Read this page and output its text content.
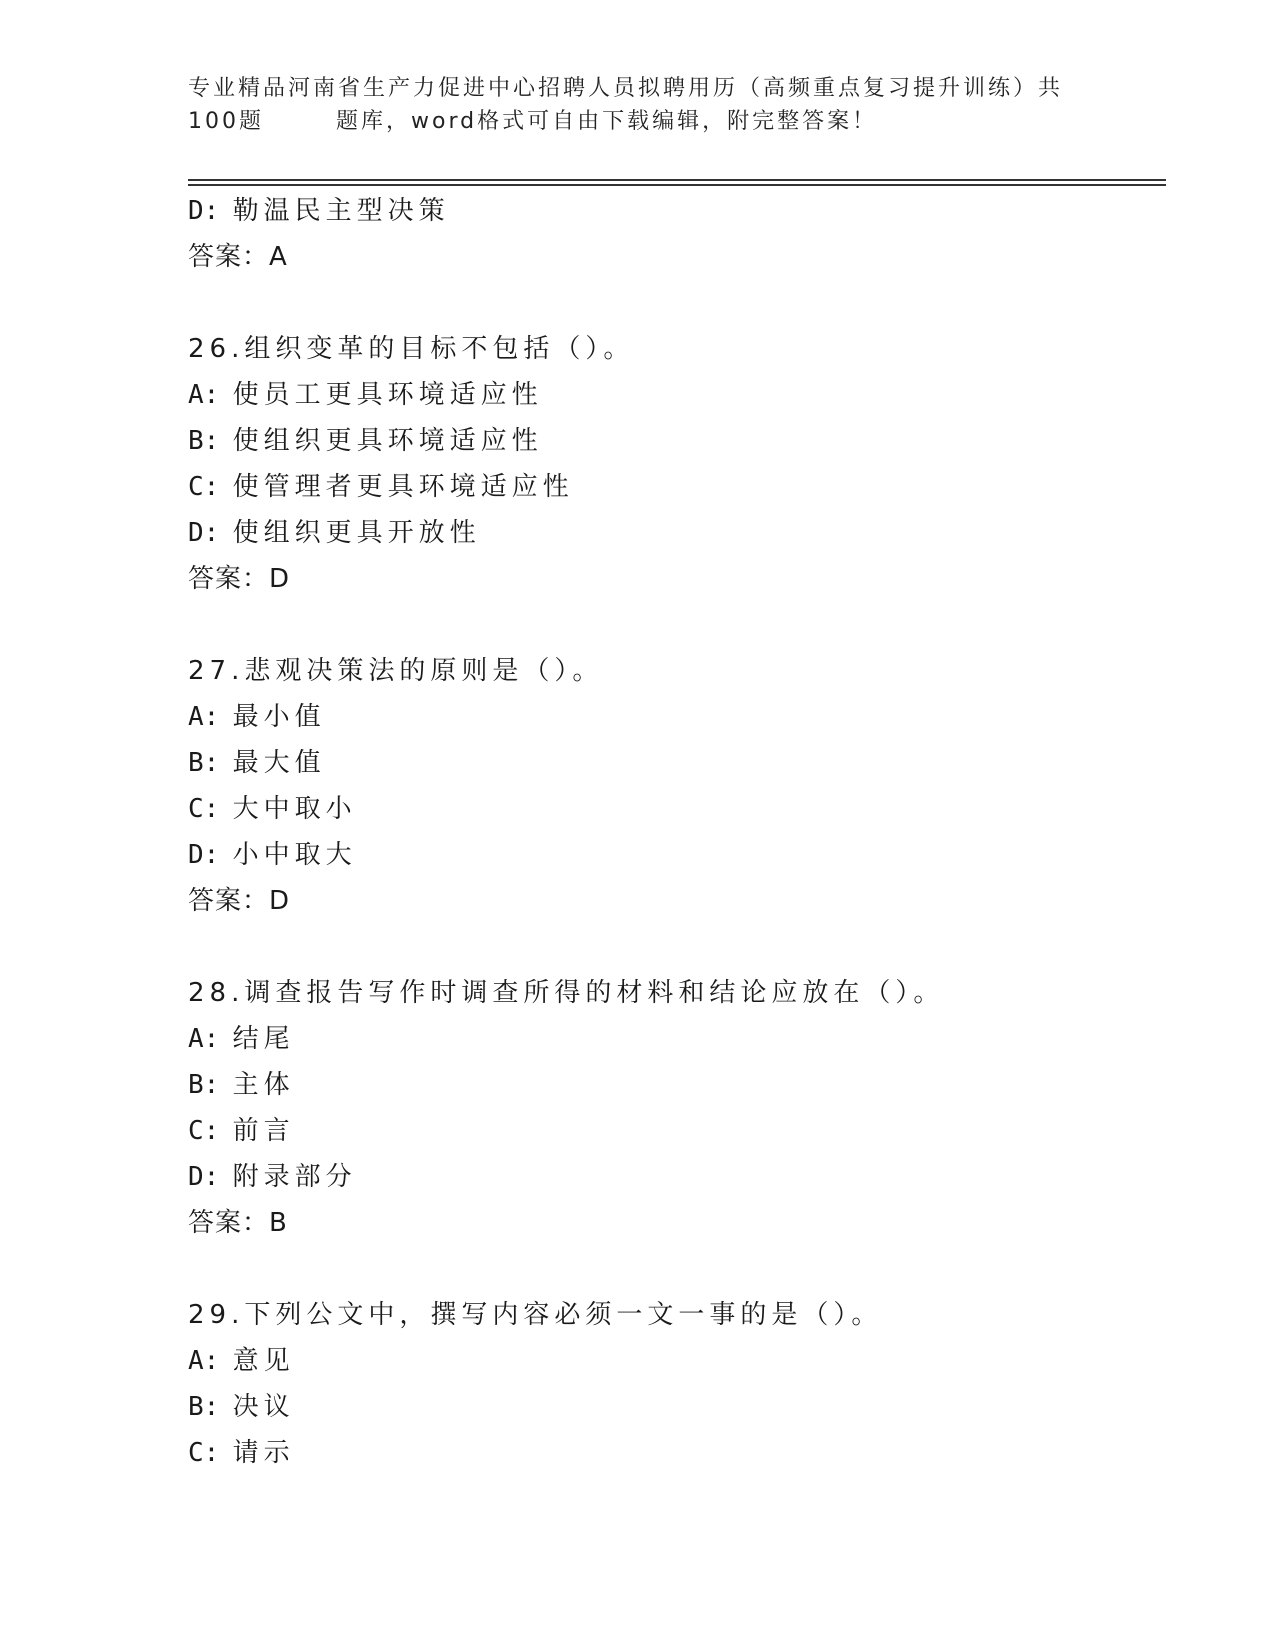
专业精品河南省生产力促进中心招聘人员拟聘用历（高频重点复习提升训练）共
100题	题库，word格式可自由下载编辑，附完整答案！
D: 勒温民主型决策
答案：A
26.组织变革的目标不包括（）。
A: 使员工更具环境适应性
B: 使组织更具环境适应性
C: 使管理者更具环境适应性
D: 使组织更具开放性
答案：D
27.悲观决策法的原则是（）。
A: 最小值
B: 最大值
C: 大中取小
D: 小中取大
答案：D
28.调查报告写作时调查所得的材料和结论应放在（）。
A: 结尾
B: 主体
C: 前言
D: 附录部分
答案：B
29.下列公文中，撰写内容必须一文一事的是（）。
A: 意见
B: 决议
C: 请示
